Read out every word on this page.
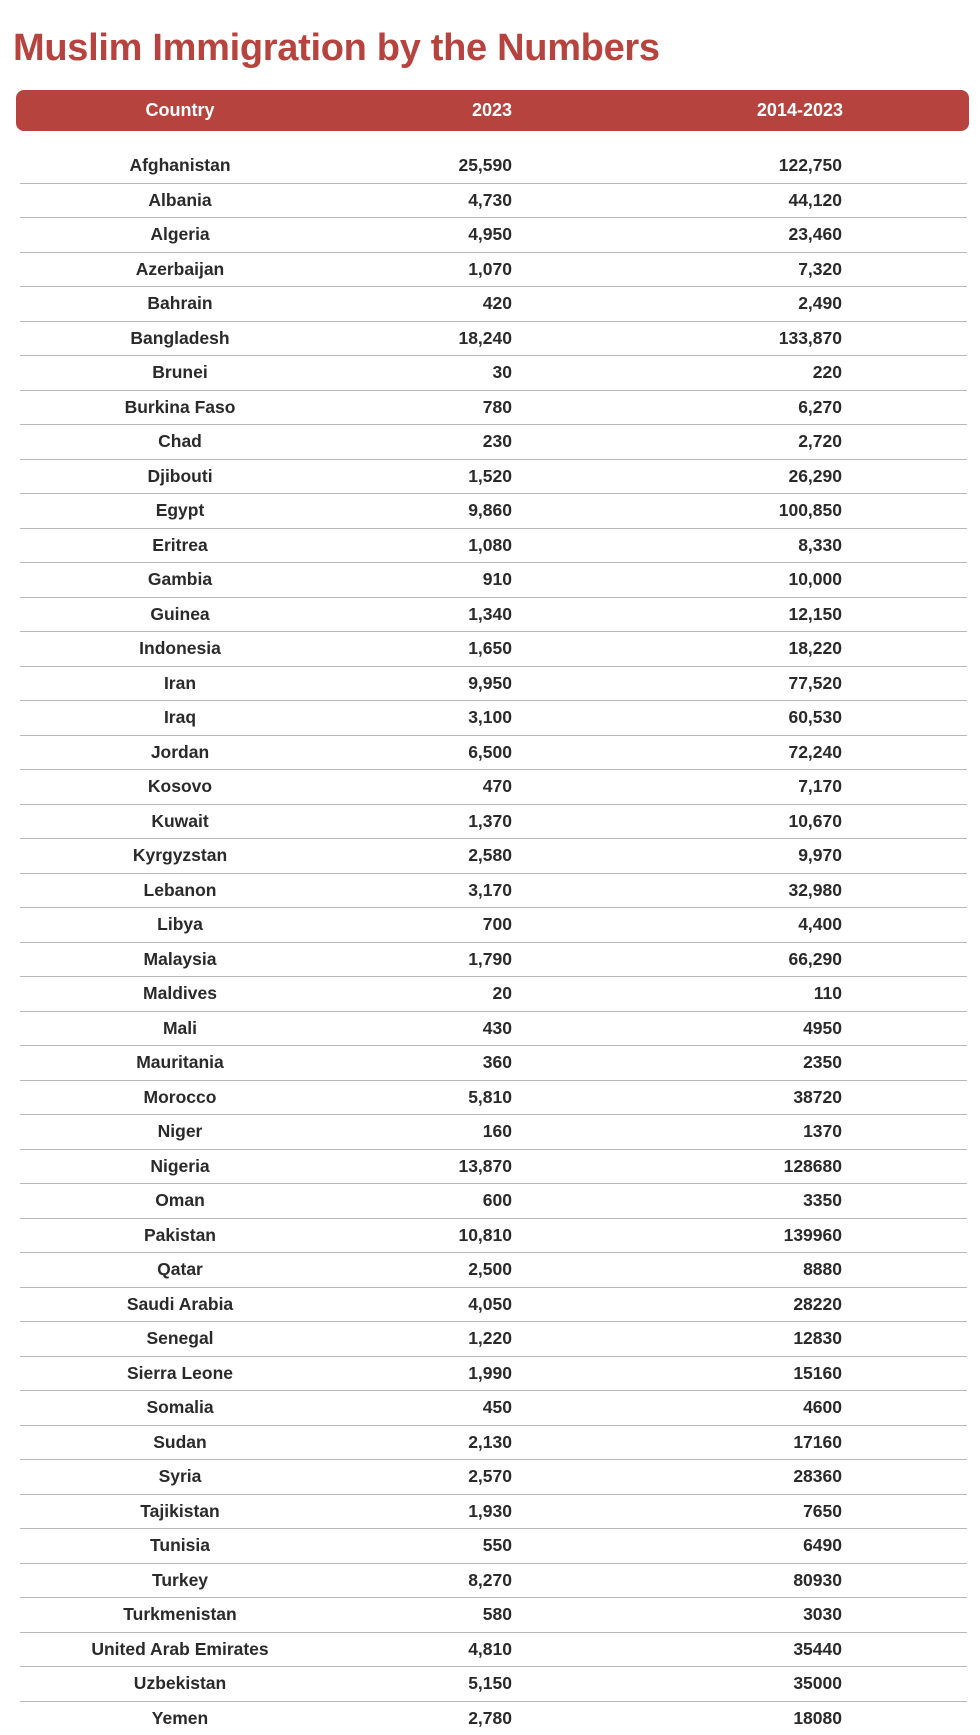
Muslim Immigration by the Numbers
Country	2023	2014-2023
Afghanistan	25,590	122,750
Albania	4,730	44,120
Algeria	4,950	23,460
Azerbaijan	1,070	7,320
Bahrain	420	2,490
Bangladesh	18,240	133,870
Brunei	30	220
Burkina Faso	780	6,270
Chad	230	2,720
Djibouti	1,520	26,290
Egypt	9,860	100,850
Eritrea	1,080	8,330
Gambia	910	10,000
Guinea	1,340	12,150
Indonesia	1,650	18,220
Iran	9,950	77,520
Iraq	3,100	60,530
Jordan	6,500	72,240
Kosovo	470	7,170
Kuwait	1,370	10,670
Kyrgyzstan	2,580	9,970
Lebanon	3,170	32,980
Libya	700	4,400
Malaysia	1,790	66,290
Maldives	20	110
Mali	430	4950
Mauritania	360	2350
Morocco	5,810	38720
Niger	160	1370
Nigeria	13,870	128680
Oman	600	3350
Pakistan	10,810	139960
Qatar	2,500	8880
Saudi Arabia	4,050	28220
Senegal	1,220	12830
Sierra Leone	1,990	15160
Somalia	450	4600
Sudan	2,130	17160
Syria	2,570	28360
Tajikistan	1,930	7650
Tunisia	550	6490
Turkey	8,270	80930
Turkmenistan	580	3030
United Arab Emirates	4,810	35440
Uzbekistan	5,150	35000
Yemen	2,780	18080
